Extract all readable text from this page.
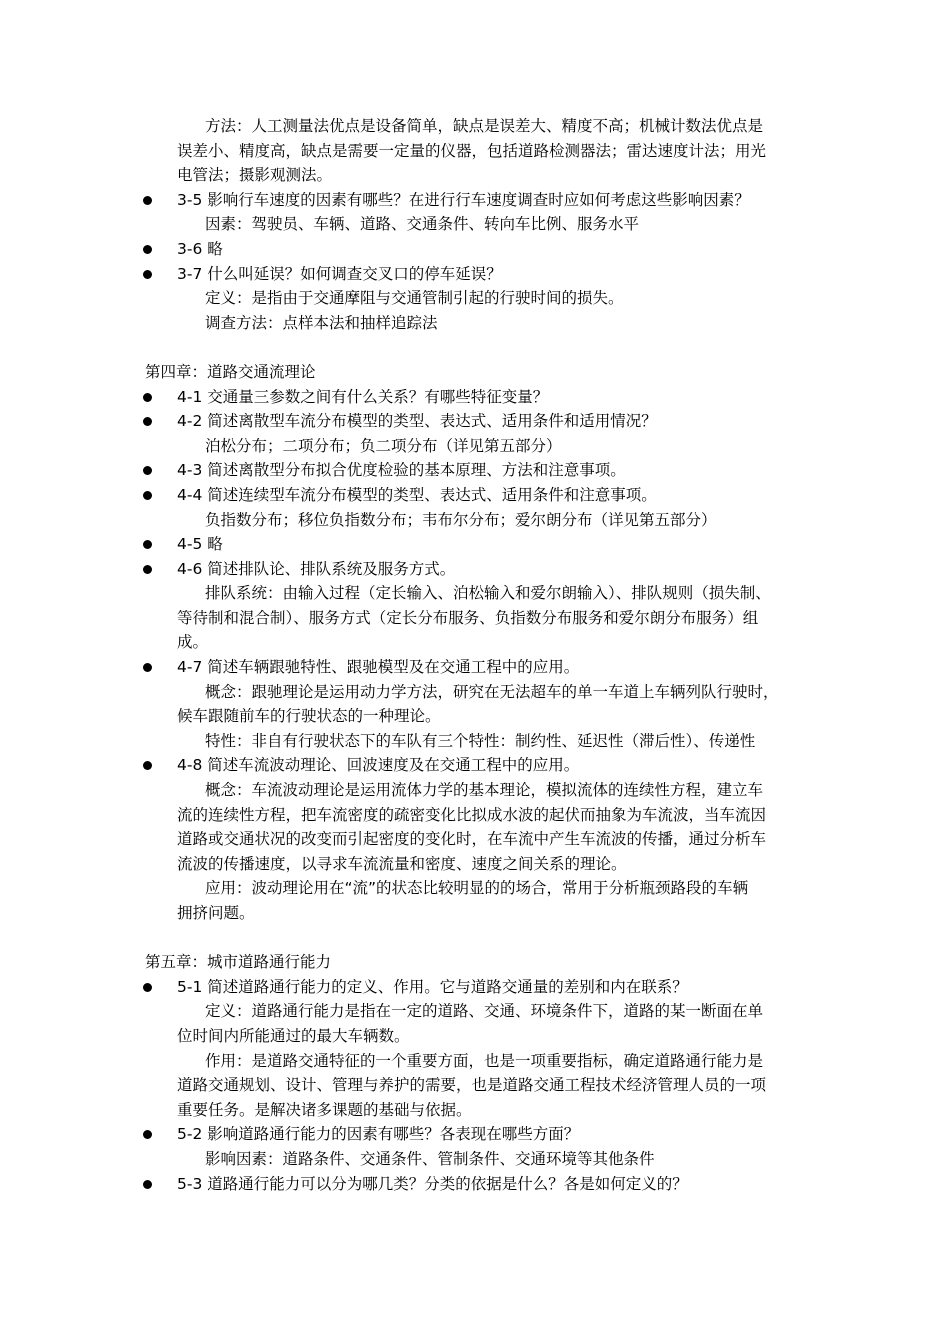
方法：人工测量法优点是设备简单，缺点是误差大、精度不高；机械计数法优点是
误差小、精度高，缺点是需要一定量的仪器，包括道路检测器法；雷达速度计法；用光
电管法；摄影观测法。
3-5 影响行车速度的因素有哪些？在进行行车速度调查时应如何考虑这些影响因素？
因素：驾驶员、车辆、道路、交通条件、转向车比例、服务水平
3-6 略
3-7 什么叫延误？如何调查交叉口的停车延误？
定义：是指由于交通摩阻与交通管制引起的行驶时间的损失。
调查方法：点样本法和抽样追踪法
第四章：道路交通流理论
4-1 交通量三参数之间有什么关系？有哪些特征变量？
4-2 简述离散型车流分布模型的类型、表达式、适用条件和适用情况？
泊松分布；二项分布；负二项分布（详见第五部分）
4-3 简述离散型分布拟合优度检验的基本原理、方法和注意事项。
4-4 简述连续型车流分布模型的类型、表达式、适用条件和注意事项。
负指数分布；移位负指数分布；韦布尔分布；爱尔朗分布（详见第五部分）
4-5 略
4-6 简述排队论、排队系统及服务方式。
排队系统：由输入过程（定长输入、泊松输入和爱尔朗输入）、排队规则（损失制、
等待制和混合制）、服务方式（定长分布服务、负指数分布服务和爱尔朗分布服务）组
成。
4-7 简述车辆跟驰特性、跟驰模型及在交通工程中的应用。
概念：跟驰理论是运用动力学方法，研究在无法超车的单一车道上车辆列队行驶时，
候车跟随前车的行驶状态的一种理论。
特性：非自有行驶状态下的车队有三个特性：制约性、延迟性（滞后性）、传递性
4-8 简述车流波动理论、回波速度及在交通工程中的应用。
概念：车流波动理论是运用流体力学的基本理论，模拟流体的连续性方程，建立车
流的连续性方程，把车流密度的疏密变化比拟成水波的起伏而抽象为车流波，当车流因
道路或交通状况的改变而引起密度的变化时，在车流中产生车流波的传播，通过分析车
流波的传播速度，以寻求车流流量和密度、速度之间关系的理论。
应用：波动理论用在“流”的状态比较明显的的场合，常用于分析瓶颈路段的车辆
拥挤问题。
第五章：城市道路通行能力
5-1 简述道路通行能力的定义、作用。它与道路交通量的差别和内在联系？
定义：道路通行能力是指在一定的道路、交通、环境条件下，道路的某一断面在单
位时间内所能通过的最大车辆数。
作用：是道路交通特征的一个重要方面，也是一项重要指标，确定道路通行能力是
道路交通规划、设计、管理与养护的需要，也是道路交通工程技术经济管理人员的一项
重要任务。是解决诸多课题的基础与依据。
5-2 影响道路通行能力的因素有哪些？各表现在哪些方面？
影响因素：道路条件、交通条件、管制条件、交通环境等其他条件
5-3 道路通行能力可以分为哪几类？分类的依据是什么？各是如何定义的？
